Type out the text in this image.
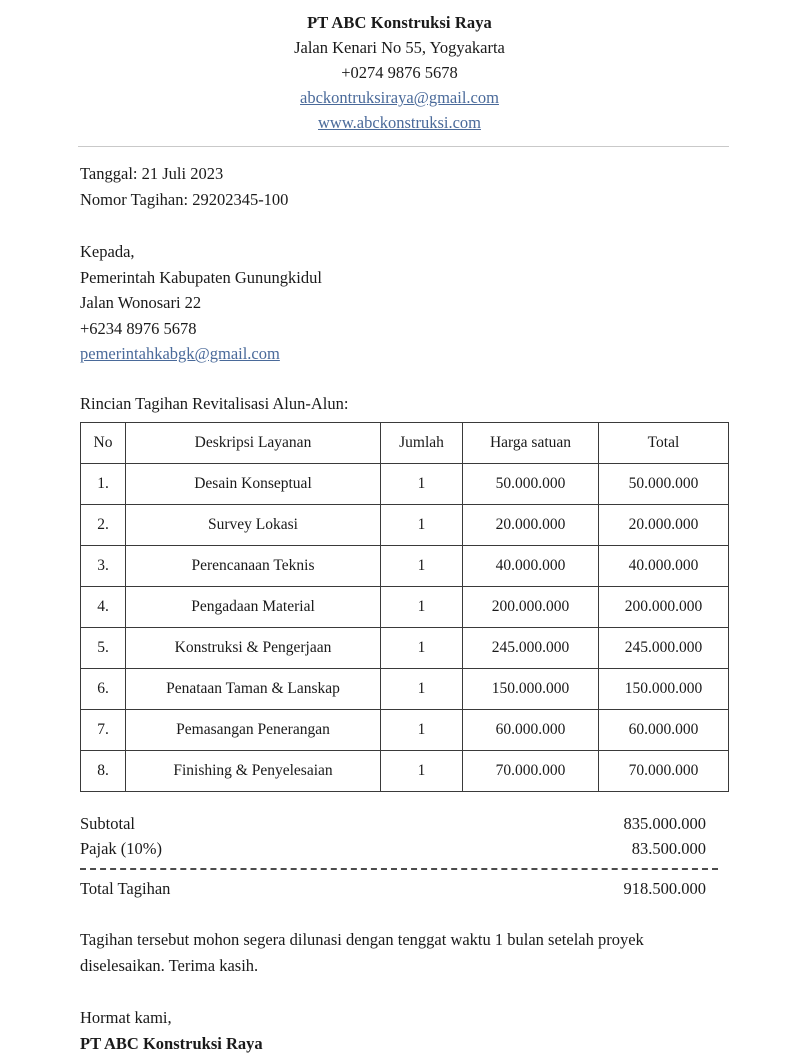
PT ABC Konstruksi Raya
Jalan Kenari No 55, Yogyakarta
+0274 9876 5678
abckontruksiraya@gmail.com
www.abckonstruksi.com
Tanggal: 21 Juli 2023
Nomor Tagihan: 29202345-100
Kepada,
Pemerintah Kabupaten Gunungkidul
Jalan Wonosari 22
+6234 8976 5678
pemerintahkabgk@gmail.com
Rincian Tagihan Revitalisasi Alun-Alun:
No	Deskripsi Layanan	Jumlah	Harga satuan	Total
1.	Desain Konseptual	1	50.000.000	50.000.000
2.	Survey Lokasi	1	20.000.000	20.000.000
3.	Perencanaan Teknis	1	40.000.000	40.000.000
4.	Pengadaan Material	1	200.000.000	200.000.000
5.	Konstruksi & Pengerjaan	1	245.000.000	245.000.000
6.	Penataan Taman & Lanskap	1	150.000.000	150.000.000
7.	Pemasangan Penerangan	1	60.000.000	60.000.000
8.	Finishing & Penyelesaian	1	70.000.000	70.000.000
Subtotal	835.000.000
Pajak (10%)	83.500.000
Total Tagihan	918.500.000
Tagihan tersebut mohon segera dilunasi dengan tenggat waktu 1 bulan setelah proyek diselesaikan. Terima kasih.
Hormat kami,
PT ABC Konstruksi Raya
